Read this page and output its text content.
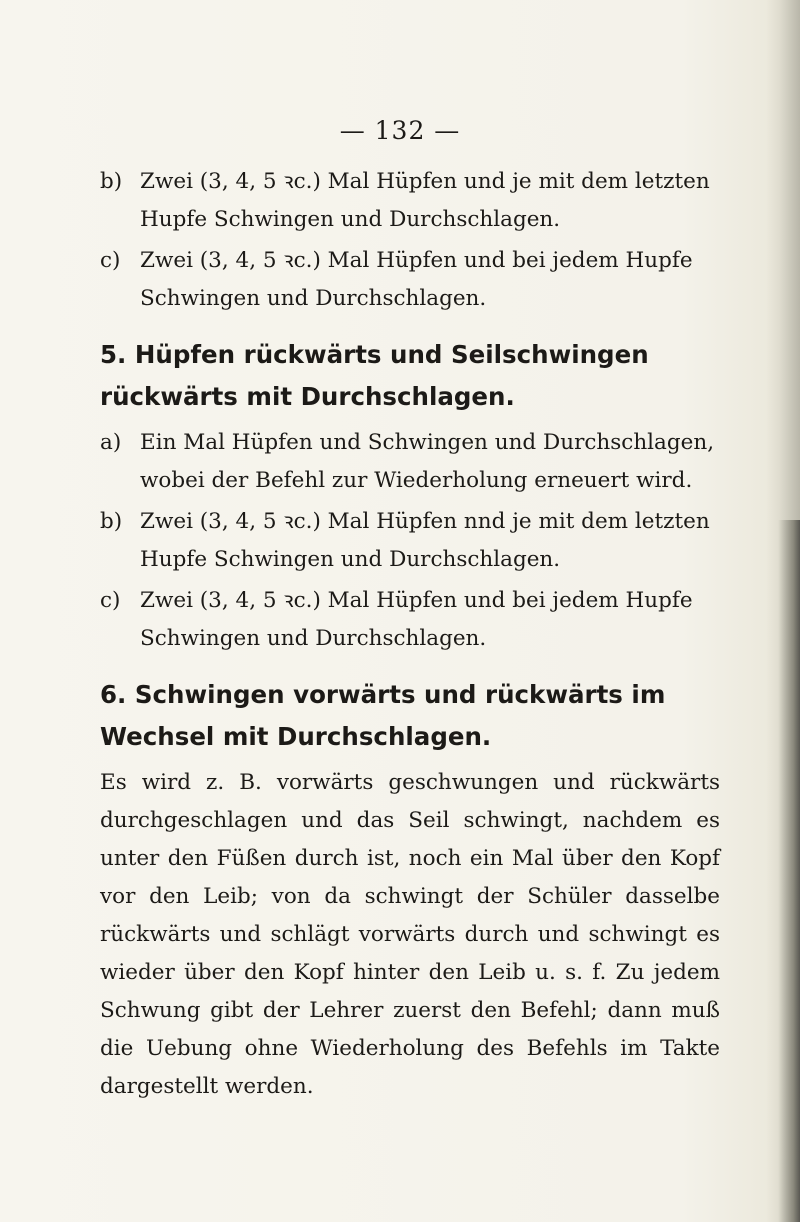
— 132 —
b) Zwei (3, 4, 5 ꝛc.) Mal Hüpfen und je mit dem letzten Hupfe Schwingen und Durchschlagen.
c) Zwei (3, 4, 5 ꝛc.) Mal Hüpfen und bei jedem Hupfe Schwingen und Durchschlagen.
5. Hüpfen rückwärts und Seilschwingen rückwärts mit Durchschlagen.
a) Ein Mal Hüpfen und Schwingen und Durchschlagen, wobei der Befehl zur Wiederholung erneuert wird.
b) Zwei (3, 4, 5 ꝛc.) Mal Hüpfen nnd je mit dem letzten Hupfe Schwingen und Durchschlagen.
c) Zwei (3, 4, 5 ꝛc.) Mal Hüpfen und bei jedem Hupfe Schwingen und Durchschlagen.
6. Schwingen vorwärts und rückwärts im Wechsel mit Durchschlagen.
Es wird z. B. vorwärts geschwungen und rückwärts durchgeschlagen und das Seil schwingt, nachdem es unter den Füßen durch ist, noch ein Mal über den Kopf vor den Leib; von da schwingt der Schüler dasselbe rückwärts und schlägt vorwärts durch und schwingt es wieder über den Kopf hinter den Leib u. s. f. Zu jedem Schwung gibt der Lehrer zuerst den Befehl; dann muß die Uebung ohne Wiederholung des Befehls im Takte dargestellt werden.
